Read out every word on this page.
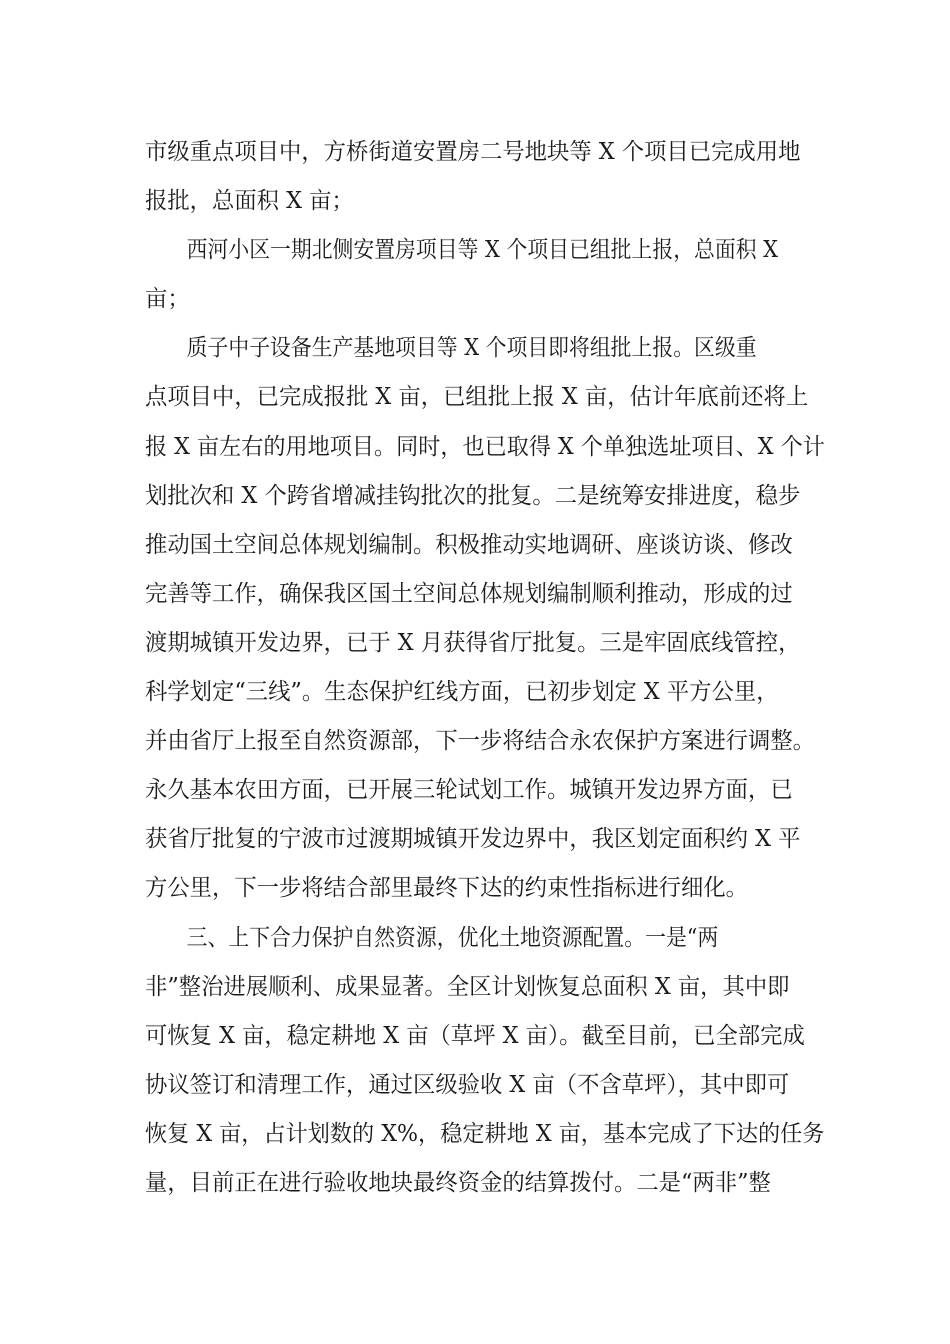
市级重点项目中，方桥街道安置房二号地块等 X 个项目已完成用地
报批，总面积 X 亩；
西河小区一期北侧安置房项目等 X 个项目已组批上报，总面积 X
亩；
质子中子设备生产基地项目等 X 个项目即将组批上报。区级重
点项目中，已完成报批 X 亩，已组批上报 X 亩，估计年底前还将上
报 X 亩左右的用地项目。同时，也已取得 X 个单独选址项目、X 个计
划批次和 X 个跨省增减挂钩批次的批复。二是统筹安排进度，稳步
推动国土空间总体规划编制。积极推动实地调研、座谈访谈、修改
完善等工作，确保我区国土空间总体规划编制顺利推动，形成的过
渡期城镇开发边界，已于 X 月获得省厅批复。三是牢固底线管控，
科学划定“三线”。生态保护红线方面，已初步划定 X 平方公里，
并由省厅上报至自然资源部，下一步将结合永农保护方案进行调整。
永久基本农田方面，已开展三轮试划工作。城镇开发边界方面，已
获省厅批复的宁波市过渡期城镇开发边界中，我区划定面积约 X 平
方公里，下一步将结合部里最终下达的约束性指标进行细化。
三、上下合力保护自然资源，优化土地资源配置。一是“两
非”整治进展顺利、成果显著。全区计划恢复总面积 X 亩，其中即
可恢复 X 亩，稳定耕地 X 亩（草坪 X 亩）。截至目前，已全部完成
协议签订和清理工作，通过区级验收 X 亩（不含草坪），其中即可
恢复 X 亩，占计划数的 X%，稳定耕地 X 亩，基本完成了下达的任务
量，目前正在进行验收地块最终资金的结算拨付。二是“两非”整
